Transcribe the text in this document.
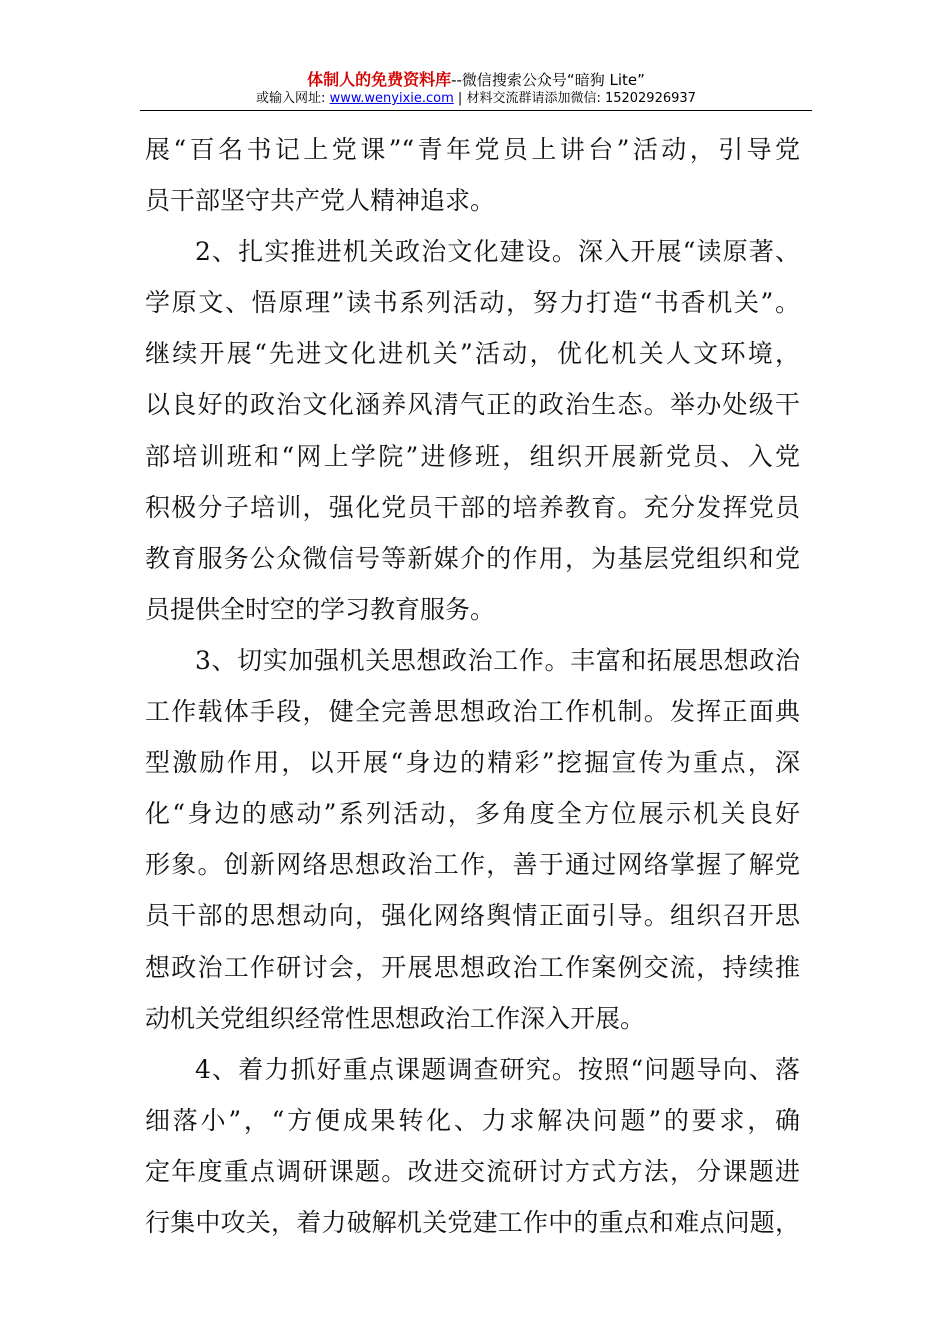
体制人的免费资料库--微信搜索公众号“暗狗 Lite”
或输入网址: www.wenyixie.com | 材料交流群请添加微信: 15202926937
展“百名书记上党课”“青年党员上讲台”活动，引导党
员干部坚守共产党人精神追求。
2、扎实推进机关政治文化建设。深入开展“读原著、
学原文、悟原理”读书系列活动，努力打造“书香机关”。
继续开展“先进文化进机关”活动，优化机关人文环境，
以良好的政治文化涵养风清气正的政治生态。举办处级干
部培训班和“网上学院”进修班，组织开展新党员、入党
积极分子培训，强化党员干部的培养教育。充分发挥党员
教育服务公众微信号等新媒介的作用，为基层党组织和党
员提供全时空的学习教育服务。
3、切实加强机关思想政治工作。丰富和拓展思想政治
工作载体手段，健全完善思想政治工作机制。发挥正面典
型激励作用，以开展“身边的精彩”挖掘宣传为重点，深
化“身边的感动”系列活动，多角度全方位展示机关良好
形象。创新网络思想政治工作，善于通过网络掌握了解党
员干部的思想动向，强化网络舆情正面引导。组织召开思
想政治工作研讨会，开展思想政治工作案例交流，持续推
动机关党组织经常性思想政治工作深入开展。
4、着力抓好重点课题调查研究。按照“问题导向、落
细落小”，“方便成果转化、力求解决问题”的要求，确
定年度重点调研课题。改进交流研讨方式方法，分课题进
行集中攻关，着力破解机关党建工作中的重点和难点问题，
